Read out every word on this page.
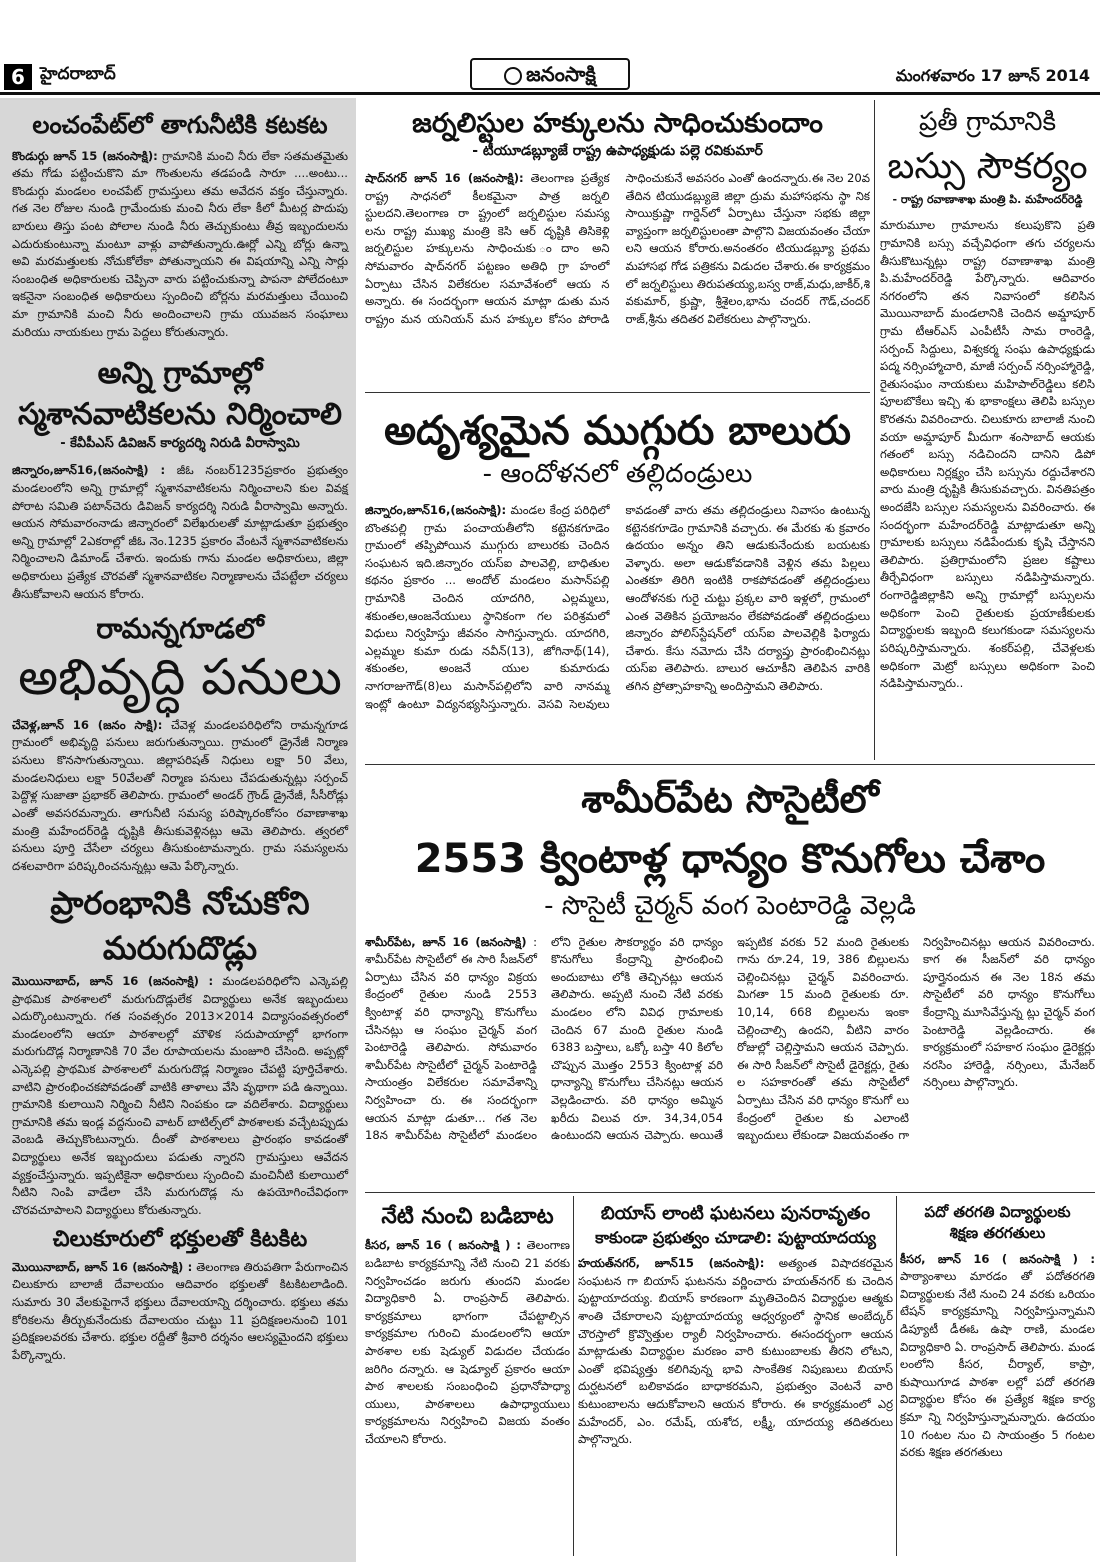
6 హైదరాబాద్	జనంసాక్షి	మంగళవారం 17 జూన్ 2014
లంచంపేట్‌లో తాగునీటికి కటకట

కొండుర్గు జూన్ 15 (జనంసాక్షి): గ్రామానికి మంచి నీరు లేకా సతమతమైతు తమ గోడు పట్టించుకొని మా గొంతులను తడపండి సారూ ....అంటు... కొండుర్గు మండలం లంచపేట్ గ్రామస్తులు తమ అవేదన వక్తం చేస్తున్నారు. గత నెల రోజుల నుండి గ్రామేందుకు మంచి నీరు లేకా కీలో మీటర్ల పొదుపు బారులు తిస్తు పంట పోలాల నుండి నీరు తెచ్చుకుంటు తీవ్ర ఇబ్బందులను ఎదురుకుంటున్నా మంటూ వాళ్లు వాపోతున్నారు.ఊర్లో ఎన్ని బోర్లు ఉన్నా అవి మరమత్తులకు నోచుకోలేకా పోతున్నాయని ఈ విషయాన్ని ఎన్ని సార్లు సంబంధిత అధికారులకు చెప్పినా వారు పట్టించుకున్నా పాపనా పోలేదంటూ ఇకనైనా సంబంధిత అధికారులు స్పందించి బోర్లను మరమత్తులు చేయించి మా గ్రామానికి మంచి నీరు అందించాలని గ్రామ యువజన సంఘాలు మరియు నాయకులు గ్రామ పెద్దలు కోరుతున్నారు.

అన్ని గ్రామాల్లో
స్మశానవాటికలను నిర్మించాలి
- కేవీపీఎస్ డివిజన్ కార్యదర్శి నిరుడి వీరాస్వామి

జిన్నారం,జూన్16,(జనంసాక్షి) : జీఓ నంబర్1235ప్రకారం ప్రభుత్వం మండలంలోని అన్ని గ్రామాల్లో స్మశానవాటికలను నిర్మించాలని కుల వివక్ష పోరాట సమితి పటాన్‌చెరు డివిజన్ కార్యదర్శి నిరుడి వీరాస్వామి అన్నారు. ఆయన సోమవారంనాడు జిన్నారంలో విలేఖరులతో మాట్లాడుతూ ప్రభుత్వం అన్ని గ్రామాల్లో 2ఎకరాల్లో జీఓ నెం.1235 ప్రకారం వేంటనే స్మశానవాటికలను నిర్మించాలని డిమాండ్ చేశారు. ఇందుకు గాను మండల అధికారులు, జిల్లా అధికారులు ప్రత్యేక చొరవతో స్మశానవాటికల నిర్మాణాలను చేపట్టేలా చర్యలు తీసుకోవాలని ఆయన కోరారు.

రామన్నగూడలో
అభివృద్ధి పనులు

చేవెళ్ల,జూన్ 16 (జనం సాక్షి): చేవెళ్ల మండలపరిధిలోని రామన్నగూడ గ్రామంలో అభివృద్ది పనులు జరుగుతున్నాయి. గ్రామంలో డ్రైనేజీ నిర్మాణ పనులు కొనసాగుతున్నాయి. జిల్లాపరిషత్ నిధులు లక్షా 50 వేలు, మండలనిధులు లక్షా 50వేలతో నిర్మాణ పనులు చేపడుతున్నట్లు సర్పంచ్ పెద్దొళ్ల సుజాతా ప్రభాకర్ తెలిపారు. గ్రామంలో అండర్ గ్రౌండ్ డ్రైనేజీ, సీసీరోడ్లు ఎంతో అవసరమన్నారు. తాగునీటి సమస్య పరిష్కారంకోసం రవాణాశాఖ మంత్రి మహేందర్‌రెడ్డి దృష్టికి తీసుకువెళ్లినట్లు ఆమె తెలిపారు. త్వరలో పనులు పూర్తి చేసేలా చర్యలు తీసుకుంటామన్నారు. గ్రామ సమస్యలను దశలవారిగా పరిష్కరించనున్నట్లు ఆమె పేర్కొన్నారు.

ప్రారంభానికి నోచుకోని
మరుగుదొడ్లు

మొయినాబాద్, జూన్ 16 (జనంసాక్షి) : మండలపరిధిలోని ఎన్కెపల్లి ప్రాథమిక పాఠశాలలో మరుగుదొడ్లులేక విద్యార్థులు అనేక ఇబ్బందులు ఎదుర్కొంటున్నారు. గత సంవత్సరం 2013×2014 విద్యాసంవత్సరంలో మండలంలోని ఆయా పాఠశాలల్లో మౌళిక సదుపాయాల్లో భాగంగా మరుగుదొడ్ల నిర్మాణానికి 70 వేల రూపాయలను మంజూరి చేసింది. అప్పట్లో ఎన్కెపల్లి ప్రాథమిక పాఠశాలలో మరుగుదొడ్ల నిర్మాణం చేపట్టి పూర్తిచేశారు. వాటిని ప్రారంభించకపోవడంతో వాటికి తాళాలు వేసి వృథాగా పడి ఉన్నాయి. గ్రామానికి కులాయిని నిర్మించి నీటిని నింపకుం డా వదిలేశారు. విద్యార్థులు గ్రామానికి తమ ఇండ్ల వద్దనుంచి వాటర్ బాటిల్స్‌లో పాఠశాలకు వచ్చేటప్పుడు వెంబడి తెచ్చుకొంటున్నారు. దీంతో పాఠశాలలు ప్రారంభం కావడంతో విద్యార్థులు అనేక ఇబ్బందులు పడుతు న్నారని గ్రామస్తులు ఆవేదన వ్యక్తంచేస్తున్నారు. ఇప్పటికైనా అధికారులు స్పందించి మంచినీటి కులాయిలో నీటిని నింపి వాడేలా చేసి మరుగుదొడ్ల ను ఉపయోగించేవిధంగా చొరవచూపాలని విద్యార్థులు కోరుతున్నారు.

చిలుకూరులో భక్తులతో కిటకిట

మొయినాబాద్, జూన్ 16 (జనంసాక్షి) : తెలంగాణ తిరుపతిగా పేరుగాంచిన చిలుకూరు బాలాజీ దేవాలయం ఆదివారం భక్తులతో కిటకిటలాడింది. సుమారు 30 వేలకుపైగానే భక్తులు దేవాలయాన్ని దర్శించారు. భక్తులు తమ కోరికలను తీర్చుకునేందుకు దేవాలయం చుట్టు 11 ప్రదిక్షణలనుంచి 101 ప్రదిక్షణలవరకు చేశారు. భక్తుల రద్దీతో శ్రీవారి దర్శనం ఆలస్యమైందని భక్తులు పేర్కొన్నారు.

జర్నలిస్టుల హక్కులను సాధించుకుందాం
- టీయూడబ్ల్యూజే రాష్ట్ర ఉపాధ్యక్షుడు పల్లె రవికుమార్

షాద్‌నగర్ జూన్ 16 (జనంసాక్షి): తెలంగాణ ప్రత్యేక రాష్ట్ర సాధనలో కీలకమైనా పాత్ర జర్నలి స్టులదని.తెలంగాణ రా ష్ట్రంలో జర్నలిస్టుల సమస్య లను రాష్ట్ర ముఖ్య మంత్రి కెసి ఆర్ దృష్టికి తిసికెళ్లి జర్నలిస్టుల హక్కులను సాధించుకు ందాం అని సోమవారం షాద్‌నగర్ పట్టణం అతిధి గ్రా హంలో ఏర్పాటు చేసిన విలేకరుల సమావేశంలో ఆయ న అన్నారు. ఈ సందర్భంగా ఆయన మాట్లా డుతు మన రాష్ట్రం మన యనియన్ మన హక్కుల కోసం పోరాడి సాధించుకునే అవసరం ఎంతో ఉందన్నారు.ఈ నెల 20వ తేదిన టియుడబ్ల్యుజె జిల్లా ద్రుమ మహాసభను స్థా నిక సాయిక్రుష్ణా గార్డెన్‌లో ఏర్పాటు చేస్తునా సభకు జిల్లా వ్యాప్తంగా జర్నలిస్టులంతా పాల్గొని విజయవంతం చేయా లని ఆయన కోరారు.అనంతరం టియుడబ్ల్యూ ప్రథమ మహాసభ గోడ పత్రికను విడుదల చేశారు.ఈ కార్యక్రమం లో జర్నలిస్టులు తిరుపతయ్య,బస్వ రాజ్,మధు,జాకీర్,శి వకుమార్, క్రుష్ణా, శ్రీశైలం,భాను చందర్ గౌడ్,చందర్ రాజ్,శ్రీను తదితర విలేకరులు పాల్గొన్నారు.

ప్రతీ గ్రామానికి
బస్సు సౌకర్యం
- రాష్ట్ర రవాణాశాఖ మంత్రి పి. మహేందర్‌రెడ్డి

మారుమూల గ్రామాలను కలుపుకొని ప్రతి గ్రామానికి బస్సు వచ్చేవిధంగా తగు చర్యలను తీసుకొటున్నట్లు రాష్ట్ర రవాణాశాఖ మంత్రి పి.మహేందర్‌రెడ్డి పేర్కొన్నారు. ఆదివారం నగరంలోని తన నివాసంలో కలిసిన మొయినాబాద్ మండలానికి చెందిన అమ్డాపూర్ గ్రామ టీఆర్ఎస్ ఎంపీటీసీ సామ రాంరెడ్డి, సర్పంచ్ సిద్దులు, విశ్వకర్మ సంఘ ఉపాధ్యక్షుడు పద్మ నర్సింహ్మాచారి, మాజీ సర్పంచ్ నర్సింహ్మారెడ్డి, రైతుసంఘం నాయకులు మహిపాల్‌రెడ్డిలు కలిసి పూలబొకేలు ఇచ్చి శు భాకాంక్షలు తెలిపి బస్సుల కొరతను వివరించారు. చిలుకూరు బాలాజీ నుంచి వయా అమ్డాపూర్ మీదుగా శంసాబాద్ ఆయకు గతంలో బస్సు నడిచిందని దానిని డిపో అధికారులు నిర్లక్ష్యం చేసి బస్సును రద్దుచేశారని వారు మంత్రి దృష్టికి తీసుకువచ్చారు. వినతిపత్రం అందజేసి బస్సుల సమస్యలను వివరించారు. ఈ సందర్భంగా మహేందర్‌రెడ్డి మాట్లాడుతూ అన్ని గ్రామాలకు బస్సులు నడిపేందుకు కృషి చేస్తానని తెలిపారు. ప్రతిగ్రామంలోని ప్రజల కష్టాలు తీర్చేవిధంగా బస్సులు నడిపిస్తామన్నారు. రంగారెడ్డిజిల్లాకిని అన్ని గ్రామాల్లో బస్సులను అధికంగా పెంచి రైతులకు ప్రయాణీకులకు విద్యార్థులకు ఇబ్బంది కలుగకుండా సమస్యలను పరిష్కరిస్తామన్నారు. శంకర్‌పల్లి, చేవెళ్లలకు అధికంగా మెట్రో బస్సులు అధికంగా పెంచి నడిపిస్తామన్నారు..

అదృశ్యమైన ముగ్గురు బాలురు
- ఆందోళనలో తల్లిదండ్రులు

జిన్నారం,జూన్16,(జనంసాక్షి): మండల కేంద్ర పరిధిలో బొంతపల్లి గ్రామ పంచాయతీలోని కట్టెనకగూడెం గ్రామంలో తప్పిపోయిన ముగ్గురు బాలురకు చెందిన సంఘటన ఇది.జిన్నారం యస్ఐ పాలవెల్లి, బాధితుల కథనం ప్రకారం ... అందోల్ మండలం మసాన్‌పల్లి గ్రామానికి చెందిన యాదగిరి, ఎల్లమ్మలు, శకుంతల,ఆంజనేయులు స్థానికంగా గల పరిశ్రమలో విధులు నిర్వహిస్తు జీవనం సాగిస్తున్నారు. యాదగిరి, ఎల్లమ్మల కుమా రుడు నవీన్(13), జోగినాథ్(14), శకుంతల, అంజనే యుల కుమారుడు నాగరాజుగౌడ్(8)లు మసాన్‌పల్లిలోని వారి నానమ్మ ఇంట్లో ఉంటూ విద్యనభ్యసిస్తున్నారు. వెసవి సెలవులు కావడంతో వారు తమ తల్లిదండ్రులు నివాసం ఉంటున్న కట్టెనకగూడెం గ్రామానికి వచ్చారు. ఈ మేరకు శు క్రవారం ఉదయం అన్నం తిని ఆడుకునేందుకు బయటకు వెళ్ళారు. అలా ఆడుకోవడానికి వెళ్లిన తమ పిల్లలు ఎంతకూ తిరిగి ఇంటికి రాకపోవడంతో తల్లిదండ్రులు ఆందోళనకు గురై చుట్టు ప్రక్కల వారి ఇళ్లలో, గ్రామంలో ఎంత వెతికిన ప్రయోజనం లేకపోవడంతో తల్లిదండ్రులు జిన్నారం పోలిస్‌స్టేషన్‌లో యస్ఐ పాలవెల్లికి ఫిర్యాదు చేశారు. కేసు నమోదు చేసి దర్యాప్తు ప్రారంభించినట్లు యస్ఐ తెలిపారు. బాలుర ఆచూకీని తెలిపిన వారికి తగిన ప్రోత్సాహకాన్ని అందిస్తామని తెలిపారు.

శామీర్‌పేట సొసైటీలో
2553 క్వింటాళ్ల ధాన్యం కొనుగోలు చేశాం
- సొసైటీ చైర్మన్ వంగ పెంటారెడ్డి వెల్లడి

శామీర్‌పేట, జూన్ 16 (జనంసాక్షి) : శామీర్‌పేట సొసైటీలో ఈ సారి సీజన్‌లో ఏర్పాటు చేసిన వరి ధాన్యం విక్రయ కేంద్రంలో రైతుల నుండి 2553 క్వింటాళ్ల వరి ధాన్యాన్ని కొనుగోలు చేసినట్లు ఆ సంఘం చైర్మన్ వంగ పెంటారెడ్డి తెలిపారు. సోమవారం శామీర్‌పేట సొసైటీలో చైర్మన్ పెంటారెడ్డి సాయంత్రం విలేకరుల సమావేశాన్ని నిర్వహించా రు. ఈ సందర్భంగా ఆయన మాట్లా డుతూ... గత నెల 18న శామీర్‌పేట సొసైటీలో మండలం లోని రైతుల సౌకర్యార్థం వరి ధాన్యం కొనుగోలు కేంద్రాన్ని ప్రారంభించి అందుబాటు లోకి తెచ్చినట్లు ఆయన తెలిపారు. అప్పటి నుంచి నేటి వరకు మండలం లోని వివిధ గ్రామాలకు చెందిన 67 మంది రైతుల నుండి 6383 బస్తాలు, ఒక్కో బస్తా 40 కిలోల చొప్పున మొత్తం 2553 క్వింటాళ్ల వరి ధాన్యాన్ని కొనుగోలు చేసినట్లు ఆయన వెల్లడించారు. వరి ధాన్యం అమ్మిన ఖరీదు విలువ రూ. 34,34,054 ఉంటుందని ఆయన చెప్పారు. అయితే ఇప్పటిక వరకు 52 మంది రైతులకు గాను రూ.24, 19, 386 బిల్లులను చెల్లించినట్లు చైర్మన్ వివరించారు. మిగతా 15 మంది రైతులకు రూ. 10,14, 668 బిల్లులను ఇంకా చెల్లించాల్సి ఉందని, వీటిని వారం రోజుల్లో చెల్లిస్తామని ఆయన చెప్పారు. ఈ సారి సీజన్‌లో సొసైటీ డైరెక్టర్లు, రైతు ల సహకారంతో తమ సొసైటీలో ఏర్పాటు చేసిన వరి ధాన్యం కొనుగో లు కేంద్రంలో రైతుల కు ఎలాంటి ఇబ్బందులు లేకుండా విజయవంతం గా నిర్వహించినట్లు ఆయన వివరించారు. కాగ ఈ సీజన్‌లో వరి ధాన్యం పూర్తైనందున ఈ నెల 18న తమ సొసైటీలో వరి ధాన్యం కొనుగోలు కేంద్రాన్ని మూసివేస్తున్న ట్లు చైర్మన్ వంగ పెంటారెడ్డి వెల్లడించారు. ఈ కార్యక్రమంలో సహకార సంఘం డైరెక్టర్లు నరసిం హారెడ్డి, నర్సింలు, మేనేజర్ నర్సింలు పాల్గొన్నారు.

నేటి నుంచి బడిబాట

కీసర, జూన్ 16 ( జనంసాక్షి ) : తెలంగాణ బడిబాట కార్యక్రమాన్ని నేటి నుంచి 21 వరకు నిర్వహించడం జరుగు తుందని మండల విద్యాధికారి ఏ. రాంప్రసాద్ తెలిపారు. కార్యక్రమాలు భాగంగా చేపట్టాల్సిన కార్యక్రమాల గురించి మండలంలోని ఆయా పాఠశాల లకు షెడ్యుల్ విడుదల చేయడం జరిగిం దన్నారు. ఆ షెడ్యూల్ ప్రకారం ఆయా పాఠ శాలలకు సంబంధించి ప్రధానోపాధ్యా యులు, పాఠశాలలు ఉపాధ్యాయులు కార్యక్రమాలను నిర్వహించి విజయ వంతం చేయాలని కోరారు.

బియాస్ లాంటి ఘటనలు పునరావృతం
కాకుండా ప్రభుత్వం చూడాలి: పుట్టాయాదయ్య

హయత్‌నగర్, జూన్15 (జనంసాక్షి): అత్యంత విషాదకరమైన సంఘటన గా బియాస్ ఘటనను వర్ణించారు హయత్‌నగర్ కు చెందిన పుట్టాయాదయ్య. బియాస్ కారణంగా మృతిచెందిన విద్యార్థుల ఆత్మకు శాంతి చేకూరాలని పుట్టాయాదయ్య ఆధ్వర్యంలో స్థానిక అంబేద్కర్ చౌరస్తాలో క్రొవ్వొత్తుల ర్యాలీ నిర్వహించారు. ఈసందర్భంగా ఆయన మాట్లాడుతు విద్యార్థుల మరణం వారి కుటుంబాలకు తీరని లోటని, ఎంతో భవిష్యత్తు కలిగివున్న భావి సాంకేతిక నిపుణులు బియాస్ దుర్ఘటనలో బలికావడం బాధాకరమని, ప్రభుత్వం వెంటనే వారి కుటుంబాలను ఆదుకోవాలని ఆయన కోరారు. ఈ కార్యక్రమంలో ఎర్ర మహేందర్, ఎం. రమేష్, యశోద, లక్ష్మీ, యాదయ్య తదితరులు పాల్గొన్నారు.

పదో తరగతి విద్యార్థులకు
శిక్షణ తరగతులు

కీసర, జూన్ 16 ( జనంసాక్షి ) : పాఠ్యాంశాలు మారడం తో పదోతరగతి విద్యార్థులకు నేటి నుంచి 24 వరకు ఒరియం టేషన్ కార్యక్రమాన్ని నిర్వహిస్తున్నామని డిప్యూటీ డీఈఓ ఉషా రాణి, మండల విద్యాధికారి ఏ. రాంప్రసాద్ తెలిపారు. మండ లంలోని కీసర, చీర్యాల్, కాప్రా, కుషాయిగూడ పాఠశా లల్లో పదో తరగతి విద్యార్థుల కోసం ఈ ప్రత్యేక శిక్షణ కార్య క్రమా న్ని నిర్వహిస్తున్నామన్నారు. ఉదయం 10 గంటల నుం చి సాయంత్రం 5 గంటల వరకు శిక్షణ తరగతులు
